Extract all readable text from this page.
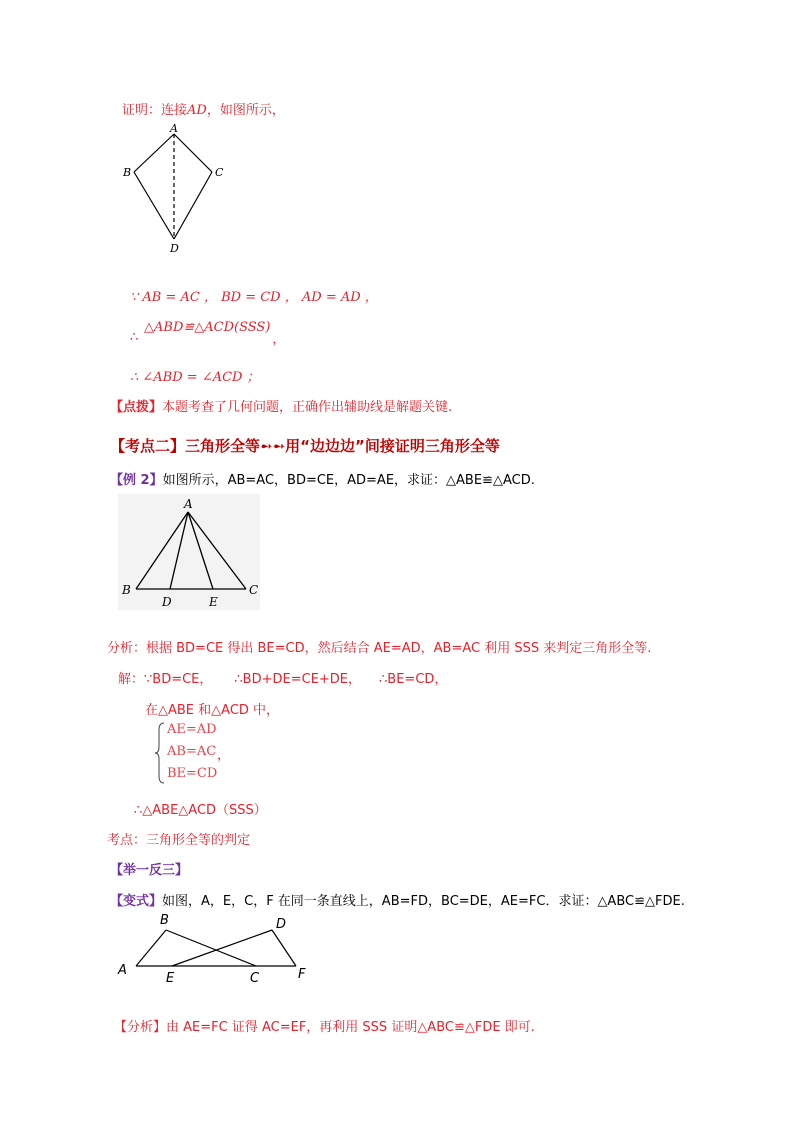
证明：连接AD，如图所示，
A
B	C
D
∵ AB = AC ， BD = CD ， AD = AD ，
△ABD≌△ACD(SSS)，
∴
∴ ∠ABD = ∠ACD ；
【点拨】本题考查了几何问题，正确作出辅助线是解题关键.
【考点二】三角形全等➻➻用“边边边”间接证明三角形全等
【例 2】如图所示，AB=AC，BD=CE，AD=AE，求证：△ABE≌△ACD.
A
B	C
D	E
分析：根据 BD=CE 得出 BE=CD，然后结合 AE=AD，AB=AC 利用 SSS 来判定三角形全等.
解：∵BD=CE， ∴BD+DE=CE+DE， ∴BE=CD，
在△ABE 和△ACD 中，
AE=AD
AB=AC ，
BE=CD
∴△ABE△ACD（SSS）
考点：三角形全等的判定
【举一反三】
【变式】如图，A，E，C，F 在同一条直线上，AB=FD，BC=DE，AE=FC．求证：△ABC≌△FDE.
A
B
C
D
E	F
【分析】由 AE=FC 证得 AC=EF，再利用 SSS 证明△ABC≌△FDE 即可.
